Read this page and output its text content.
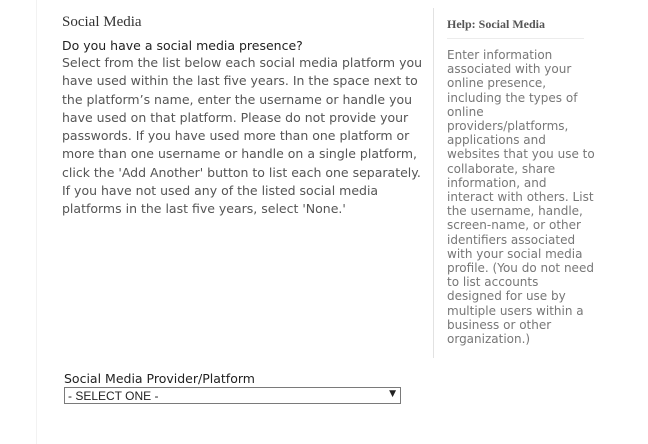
Social Media

Do you have a social media presence?

Select from the list below each social media platform you have used within the last five years. In the space next to the platform’s name, enter the username or handle you have used on that platform. Please do not provide your passwords. If you have used more than one platform or more than one username or handle on a single platform, click the 'Add Another' button to list each one separately. If you have not used any of the listed social media platforms in the last five years, select 'None.'

Help: Social Media
Enter information associated with your online presence, including the types of online providers/platforms, applications and websites that you use to collaborate, share information, and interact with others. List the username, handle, screen-name, or other identifiers associated with your social media profile. (You do not need to list accounts designed for use by multiple users within a business or other organization.)
Social Media Provider/Platform
- SELECT ONE -	▼
